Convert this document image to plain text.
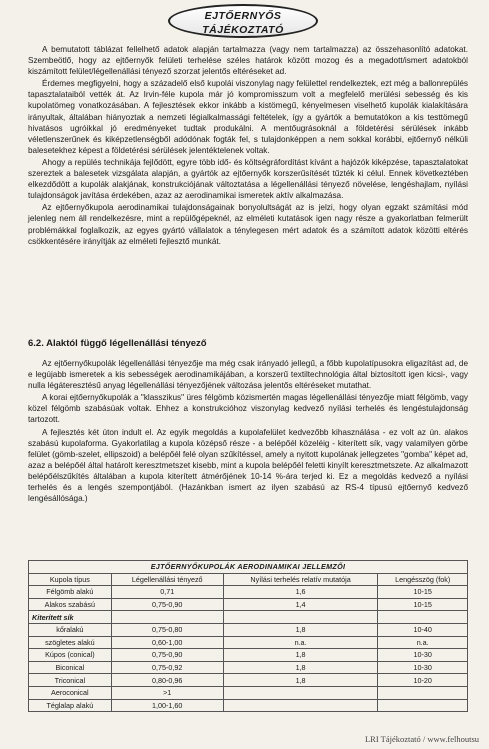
EJTŐERNYŐS
TÁJÉKOZTATÓ

A bemutatott táblázat fellelhető adatok alapján tartalmazza (vagy nem tartalmazza) az összehasonlító adatokat. Szembeötlő, hogy az ejtőernyők felületi terhelése széles határok között mozog és a megadott/ismert adatokból kiszámított felület/légellenállási tényező szorzat jelentős eltéréseket ad.

Érdemes megfigyelni, hogy a századelő első kupolái viszonylag nagy felülettel rendelkeztek, ezt még a ballonrepülés tapasztalataiból vették át. Az Irvin-féle kupola már jó kompromisszum volt a megfelelő merülési sebesség és kis kupolatömeg vonatkozásában. A fejlesztések ekkor inkább a kistömegű, kényelmesen viselhető kupolák kialakítására irányultak, általában hiányoztak a nemzeti légialkalmassági feltételek, így a gyártók a bemutatókon a kis testtömegű hivatásos ugróikkal jó eredményeket tudtak produkálni. A mentőugrásoknál a földetérési sérülések inkább véletlenszerűnek és kiképzetlenségből adódónak fogták fel, s tulajdonképpen a nem sokkal korábbi, ejtőernyő nélküli balesetekhez képest a földetérési sérülések jelentéktelenek voltak.

Ahogy a repülés technikája fejlődött, egyre több idő- és költségráfordítást kívánt a hajózók kiképzése, tapasztalatokat szereztek a balesetek vizsgálata alapján, a gyártók az ejtőernyők korszerűsítését tűzték ki célul. Ennek következtében elkezdődött a kupolák alakjának, konstrukciójának változtatása a légellenállási tényező növelése, lengéshajlam, nyílási tulajdonságok javítása érdekében, azaz az aerodinamikai ismeretek aktív alkalmazása.

Az ejtőernyőkupola aerodinamikai tulajdonságainak bonyolultságát az is jelzi, hogy olyan egzakt számítási mód jelenleg nem áll rendelkezésre, mint a repülőgépeknél, az elméleti kutatások igen nagy része a gyakorlatban felmerült problémákkal foglalkozik, az egyes gyártó vállalatok a ténylegesen mért adatok és a számított adatok közötti eltérés csökkentésére irányítják az elméleti fejlesztő munkát.

6.2. Alaktól függő légellenállási tényező

Az ejtőernyőkupolák légellenállási tényezője ma még csak irányadó jellegű, a főbb kupolatípusokra eligazítást ad, de e legújabb ismeretek a kis sebességek aerodinamikájában, a korszerű textiltechnológia által biztosított igen kicsi-, vagy nulla légáteresztésű anyag légellenállási tényezőjének változása jelentős eltéréseket mutathat.

A korai ejtőernyőkupolák a "klasszikus" üres félgömb közismertén magas légellenállási tényezője miatt félgömb, vagy közel félgömb szabásúak voltak. Ehhez a konstrukcióhoz viszonylag kedvező nyílási terhelés és lengéstulajdonság tartozott.

A fejlesztés két úton indult el. Az egyik megoldás a kupolafelület kedvezőbb kihasználása - ez volt az ún. alakos szabású kupolaforma. Gyakorlatilag a kupola középső része - a belépőél közeléig - kiterített sík, vagy valamilyen görbe felület (gömb-szelet, ellipszoid) a belépőél felé olyan szűkítéssel, amely a nyitott kupolának jellegzetes "gomba" képet ad, azaz a belépőél által határolt keresztmetszet kisebb, mint a kupola belépőél feletti kinyílt keresztmetszete. Az alkalmazott belépőélszűkítés általában a kupola kiterített átmérőjének 10-14 %-ára terjed ki. Ez a megoldás kedvező a nyílási terhelés és a lengés szempontjából. (Hazánkban ismert az ilyen szabású az RS-4 típusú ejtőernyő kedvező lengésállósága.)

EJTŐERNYŐKUPOLÁK AERODINAMIKAI JELLEMZŐI			
Kupola típus	Légellenállási tényező	Nyílási terhelés relatív mutatója	Lengésszög (fok)
Félgömb alakú	0,71	1,6	10-15
Alakos szabású	0,75-0,90	1,4	10-15
Kiterített sík			
kőralakú	0,75-0,80	1,8	10-40
szögletes alakú	0,60-1,00	n.a.	n.a.
Kúpos (conical)	0,75-0,90	1,8	10-30
Biconical	0,75-0,92	1,8	10-30
Triconical	0,80-0,96	1,8	10-20
Aeroconical	>1		
Téglalap alakú	1,00-1,60		
LRI Tájékoztató / www.felhoutsu
